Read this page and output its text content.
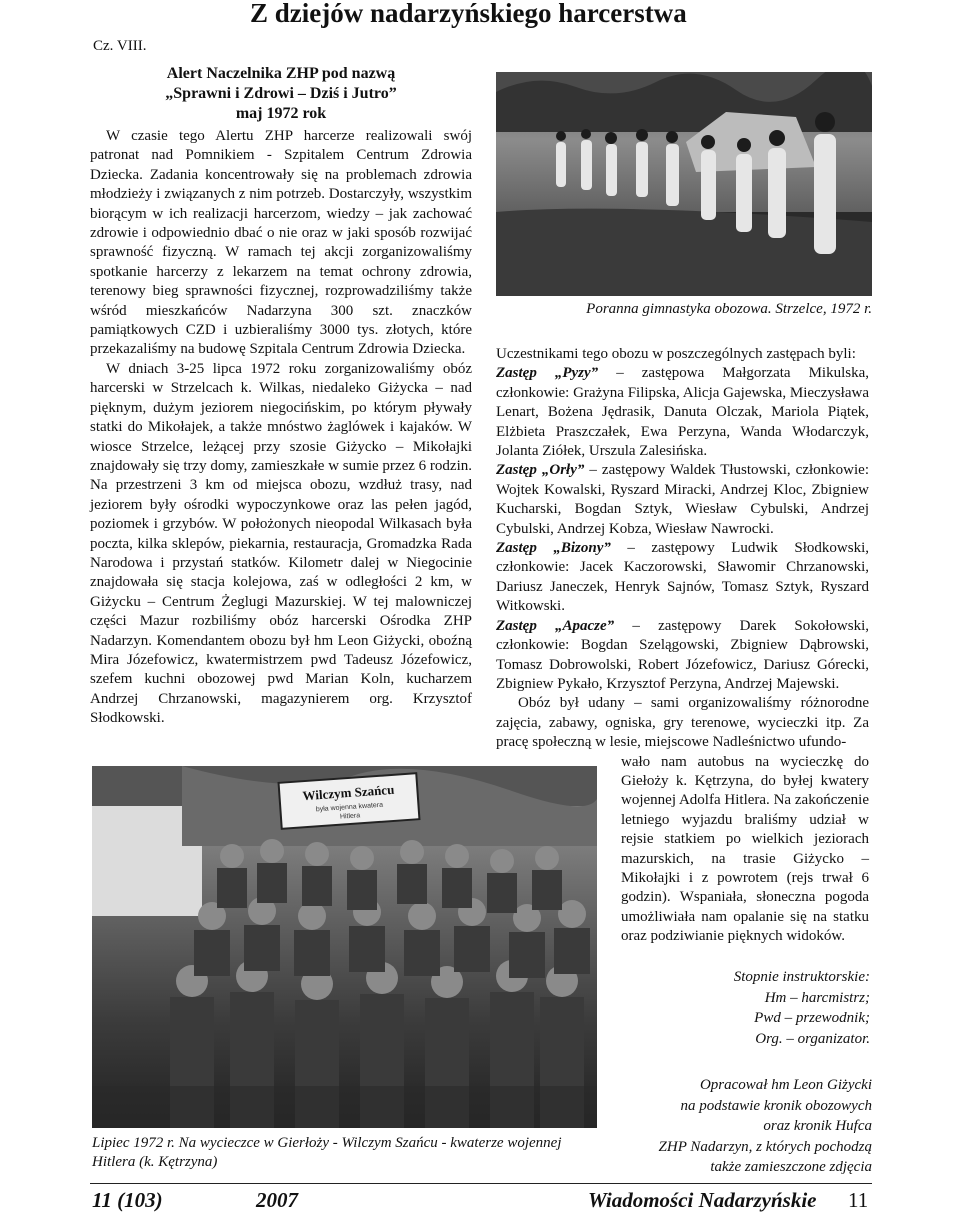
Z dziejów nadarzyńskiego harcerstwa
Cz. VIII.
Alert Naczelnika ZHP pod nazwą
„Sprawni i Zdrowi – Dziś i Jutro”
maj 1972 rok

W czasie tego Alertu ZHP harcerze realizowali swój patronat nad Pomnikiem - Szpitalem Centrum Zdrowia Dziecka. Zadania koncentrowały się na problemach zdrowia młodzieży i związanych z nim potrzeb. Dostarczyły, wszystkim biorącym w ich realizacji harcerzom, wiedzy – jak zachować zdrowie i odpowiednio dbać o nie oraz w jaki sposób rozwijać sprawność fizyczną. W ramach tej akcji zorganizowaliśmy spotkanie harcerzy z lekarzem na temat ochrony zdrowia, terenowy bieg sprawności fizycznej, rozprowadziliśmy także wśród mieszkańców Nadarzyna 300 szt. znaczków pamiątkowych CZD i uzbieraliśmy 3000 tys. złotych, które przekazaliśmy na budowę Szpitala Centrum Zdrowia Dziecka.

W dniach 3-25 lipca 1972 roku zorganizowaliśmy obóz harcerski w Strzelcach k. Wilkas, niedaleko Giżycka – nad pięknym, dużym jeziorem niegocińskim, po którym pływały statki do Mikołajek, a także mnóstwo żaglówek i kajaków. W wiosce Strzelce, leżącej przy szosie Giżycko – Mikołajki znajdowały się trzy domy, zamieszkałe w sumie przez 6 rodzin. Na przestrzeni 3 km od miejsca obozu, wzdłuż trasy, nad jeziorem były ośrodki wypoczynkowe oraz las pełen jagód, poziomek i grzybów. W położonych nieopodal Wilkasach była poczta, kilka sklepów, piekarnia, restauracja, Gromadzka Rada Narodowa i przystań statków. Kilometr dalej w Niegocinie znajdowała się stacja kolejowa, zaś w odległości 2 km, w Giżycku – Centrum Żeglugi Mazurskiej. W tej malowniczej części Mazur rozbiliśmy obóz harcerski Ośrodka ZHP Nadarzyn. Komendantem obozu był hm Leon Giżycki, oboźną Mira Józefowicz, kwatermistrzem pwd Tadeusz Józefowicz, szefem kuchni obozowej pwd Marian Koln, kucharzem Andrzej Chrzanowski, magazynierem org. Krzysztof Słodkowski.

Poranna gimnastyka obozowa. Strzelce, 1972 r.

Uczestnikami tego obozu w poszczególnych zastępach byli:

Zastęp „Pyzy” – zastępowa Małgorzata Mikulska, członkowie: Grażyna Filipska, Alicja Gajewska, Mieczysława Lenart, Bożena Jędrasik, Danuta Olczak, Mariola Piątek, Elżbieta Praszczałek, Ewa Perzyna, Wanda Włodarczyk, Jolanta Ziółek, Urszula Zalesińska.

Zastęp „Orły” – zastępowy Waldek Tłustowski, członkowie: Wojtek Kowalski, Ryszard Miracki, Andrzej Kloc, Zbigniew Kucharski, Bogdan Sztyk, Wiesław Cybulski, Andrzej Cybulski, Andrzej Kobza, Wiesław Nawrocki.

Zastęp „Bizony” – zastępowy Ludwik Słodkowski, członkowie: Jacek Kaczorowski, Sławomir Chrzanowski, Dariusz Janeczek, Henryk Sajnów, Tomasz Sztyk, Ryszard Witkowski.

Zastęp „Apacze” – zastępowy Darek Sokołowski, członkowie: Bogdan Szelągowski, Zbigniew Dąbrowski, Tomasz Dobrowolski, Robert Józefowicz, Dariusz Górecki, Zbigniew Pykało, Krzysztof Perzyna, Andrzej Majewski.

Obóz był udany – sami organizowaliśmy różnorodne zajęcia, zabawy, ogniska, gry terenowe, wycieczki itp. Za pracę społeczną w lesie, miejscowe Nadleśnictwo ufundo-

wało nam autobus na wycieczkę do Giełoży k. Kętrzyna, do byłej kwatery wojennej Adolfa Hitlera. Na zakończenie letniego wyjazdu braliśmy udział w rejsie statkiem po wielkich jeziorach mazurskich, na trasie Giżycko – Mikołajki i z powrotem (rejs trwał 6 godzin). Wspaniała, słoneczna pogoda umożliwiała nam opalanie się na statku oraz podziwianie pięknych widoków.

Stopnie instruktorskie:
Hm – harcmistrz;
Pwd – przewodnik;
Org. – organizator.
Wilczym Szańcu
była wojenna kwatera
Hitlera
Lipiec 1972 r. Na wycieczce w Gierłoży - Wilczym Szańcu - kwaterze wojennej Hitlera (k. Kętrzyna)
Opracował hm Leon Giżycki
na podstawie kronik obozowych
oraz kronik Hufca
ZHP Nadarzyn, z których pochodzą
także zamieszczone zdjęcia
11 (103)	2007	Wiadomości Nadarzyńskie 11
